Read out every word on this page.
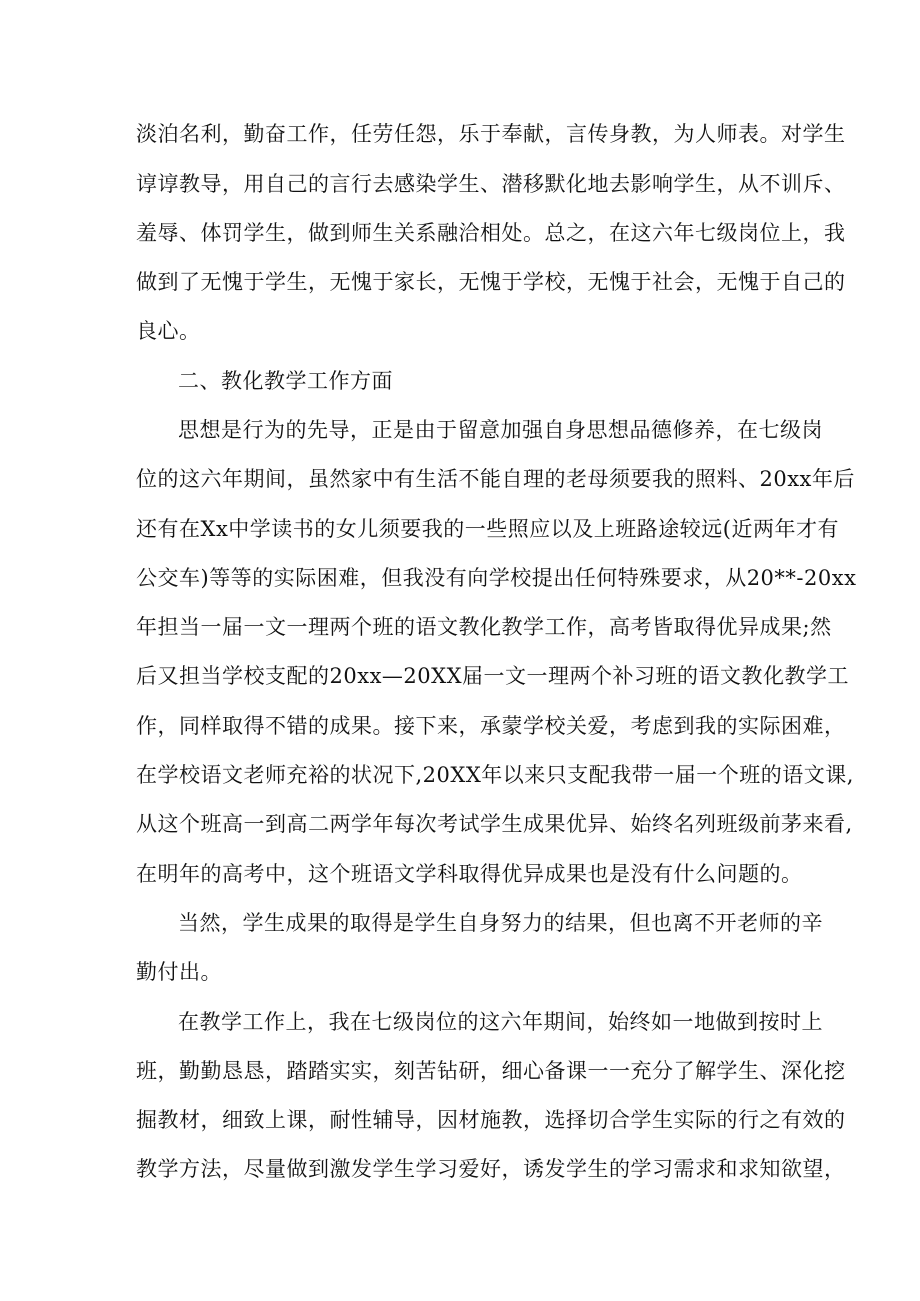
淡泊名利，勤奋工作，任劳任怨，乐于奉献，言传身教，为人师表。对学生
谆谆教导，用自己的言行去感染学生、潜移默化地去影响学生，从不训斥、
羞辱、体罚学生，做到师生关系融洽相处。总之，在这六年七级岗位上，我
做到了无愧于学生，无愧于家长，无愧于学校，无愧于社会，无愧于自己的
良心。
二、教化教学工作方面
思想是行为的先导，正是由于留意加强自身思想品德修养，在七级岗
位的这六年期间，虽然家中有生活不能自理的老母须要我的照料、20xx年后
还有在Xx中学读书的女儿须要我的一些照应以及上班路途较远(近两年才有
公交车)等等的实际困难，但我没有向学校提出任何特殊要求，从20**-20xx
年担当一届一文一理两个班的语文教化教学工作，高考皆取得优异成果;然
后又担当学校支配的20xx—20XX届一文一理两个补习班的语文教化教学工
作，同样取得不错的成果。接下来，承蒙学校关爱，考虑到我的实际困难，
在学校语文老师充裕的状况下,20XX年以来只支配我带一届一个班的语文课,
从这个班高一到高二两学年每次考试学生成果优异、始终名列班级前茅来看,
在明年的高考中，这个班语文学科取得优异成果也是没有什么问题的。
当然，学生成果的取得是学生自身努力的结果，但也离不开老师的辛
勤付出。
在教学工作上，我在七级岗位的这六年期间，始终如一地做到按时上
班，勤勤恳恳，踏踏实实，刻苦钻研，细心备课一一充分了解学生、深化挖
掘教材，细致上课，耐性辅导，因材施教，选择切合学生实际的行之有效的
教学方法，尽量做到激发学生学习爱好，诱发学生的学习需求和求知欲望，
